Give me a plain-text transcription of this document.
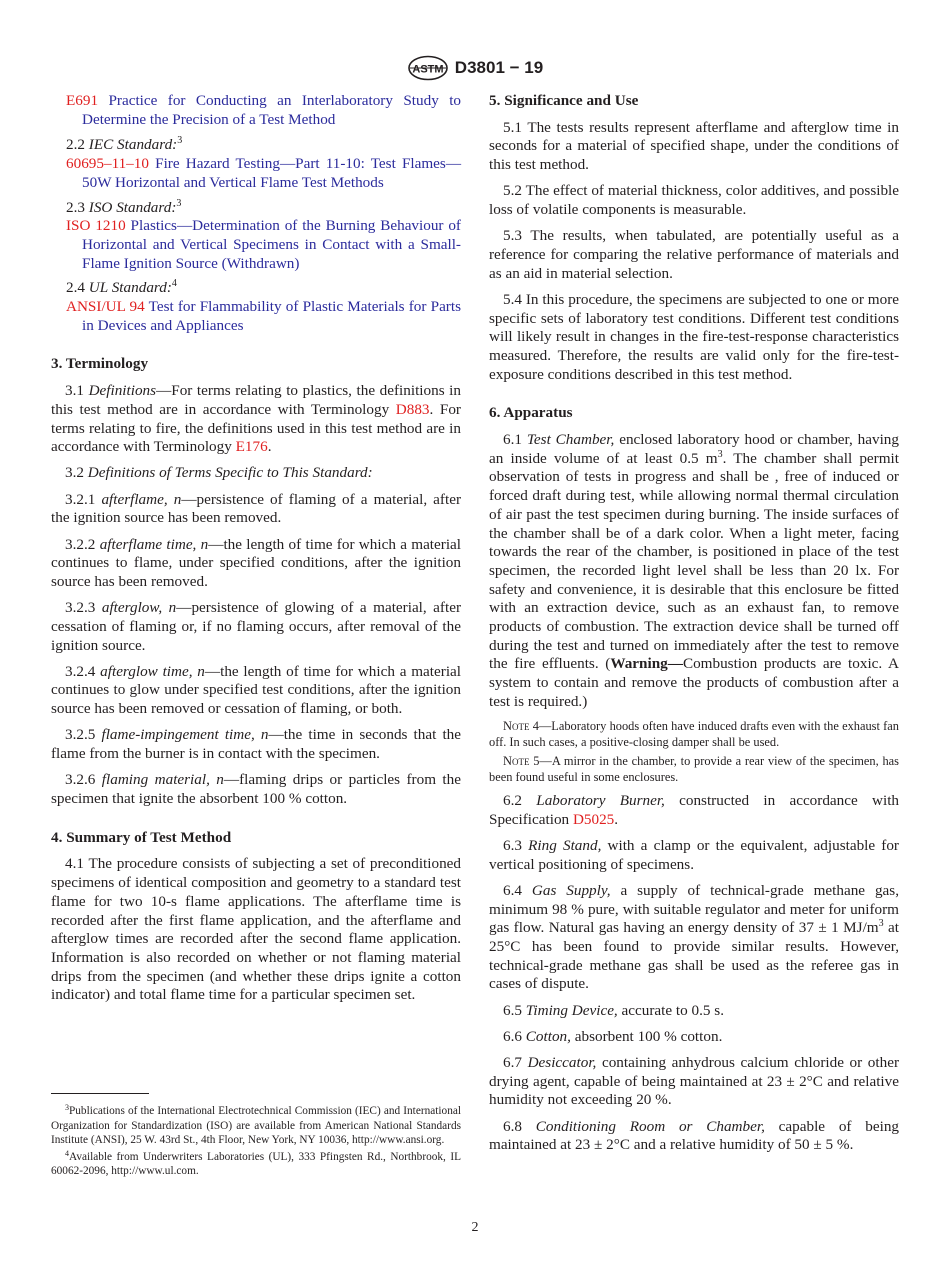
ASTM D3801 − 19

E691 Practice for Conducting an Interlaboratory Study to Determine the Precision of a Test Method

2.2 IEC Standard:$^3$

60695–11–10 Fire Hazard Testing—Part 11-10: Test Flames—50W Horizontal and Vertical Flame Test Methods

2.3 ISO Standard:$^3$

ISO 1210 Plastics—Determination of the Burning Behaviour of Horizontal and Vertical Specimens in Contact with a Small-Flame Ignition Source (Withdrawn)

2.4 UL Standard:$^4$

ANSI/UL 94 Test for Flammability of Plastic Materials for Parts in Devices and Appliances

3. Terminology

3.1 Definitions—For terms relating to plastics, the definitions in this test method are in accordance with Terminology D883. For terms relating to fire, the definitions used in this test method are in accordance with Terminology E176.

3.2 Definitions of Terms Specific to This Standard:

3.2.1 afterflame, n—persistence of flaming of a material, after the ignition source has been removed.

3.2.2 afterflame time, n—the length of time for which a material continues to flame, under specified conditions, after the ignition source has been removed.

3.2.3 afterglow, n—persistence of glowing of a material, after cessation of flaming or, if no flaming occurs, after removal of the ignition source.

3.2.4 afterglow time, n—the length of time for which a material continues to glow under specified test conditions, after the ignition source has been removed or cessation of flaming, or both.

3.2.5 flame-impingement time, n—the time in seconds that the flame from the burner is in contact with the specimen.

3.2.6 flaming material, n—flaming drips or particles from the specimen that ignite the absorbent 100 % cotton.

4. Summary of Test Method

4.1 The procedure consists of subjecting a set of preconditioned specimens of identical composition and geometry to a standard test flame for two 10-s flame applications. The afterflame time is recorded after the first flame application, and the afterflame and afterglow times are recorded after the second flame application. Information is also recorded on whether or not flaming material drips from the specimen (and whether these drips ignite a cotton indicator) and total flame time for a particular specimen set.

$^3$Publications of the International Electrotechnical Commission (IEC) and International Organization for Standardization (ISO) are available from American National Standards Institute (ANSI), 25 W. 43rd St., 4th Floor, New York, NY 10036, http://www.ansi.org.

$^4$Available from Underwriters Laboratories (UL), 333 Pfingsten Rd., Northbrook, IL 60062-2096, http://www.ul.com.

5. Significance and Use

5.1 The tests results represent afterflame and afterglow time in seconds for a material of specified shape, under the conditions of this test method.

5.2 The effect of material thickness, color additives, and possible loss of volatile components is measurable.

5.3 The results, when tabulated, are potentially useful as a reference for comparing the relative performance of materials and as an aid in material selection.

5.4 In this procedure, the specimens are subjected to one or more specific sets of laboratory test conditions. Different test conditions will likely result in changes in the fire-test-response characteristics measured. Therefore, the results are valid only for the fire-test-exposure conditions described in this test method.

6. Apparatus

6.1 Test Chamber, enclosed laboratory hood or chamber, having an inside volume of at least 0.5 $m^3$. The chamber shall permit observation of tests in progress and shall be , free of induced or forced draft during test, while allowing normal thermal circulation of air past the test specimen during burning. The inside surfaces of the chamber shall be of a dark color. When a light meter, facing towards the rear of the chamber, is positioned in place of the test specimen, the recorded light level shall be less than 20 lx. For safety and convenience, it is desirable that this enclosure be fitted with an extraction device, such as an exhaust fan, to remove products of combustion. The extraction device shall be turned off during the test and turned on immediately after the test to remove the fire effluents. (Warning—Combustion products are toxic. A system to contain and remove the products of combustion after a test is required.)

Note 4—Laboratory hoods often have induced drafts even with the exhaust fan off. In such cases, a positive-closing damper shall be used.

Note 5—A mirror in the chamber, to provide a rear view of the specimen, has been found useful in some enclosures.

6.2 Laboratory Burner, constructed in accordance with Specification D5025.

6.3 Ring Stand, with a clamp or the equivalent, adjustable for vertical positioning of specimens.

6.4 Gas Supply, a supply of technical-grade methane gas, minimum 98 % pure, with suitable regulator and meter for uniform gas flow. Natural gas having an energy density of 37 ± 1 $MJ/m^3$ at 25°C has been found to provide similar results. However, technical-grade methane gas shall be used as the referee gas in cases of dispute.

6.5 Timing Device, accurate to 0.5 s.

6.6 Cotton, absorbent 100 % cotton.

6.7 Desiccator, containing anhydrous calcium chloride or other drying agent, capable of being maintained at 23 ± 2°C and relative humidity not exceeding 20 %.

6.8 Conditioning Room or Chamber, capable of being maintained at 23 ± 2°C and a relative humidity of 50 ± 5 %.

2
